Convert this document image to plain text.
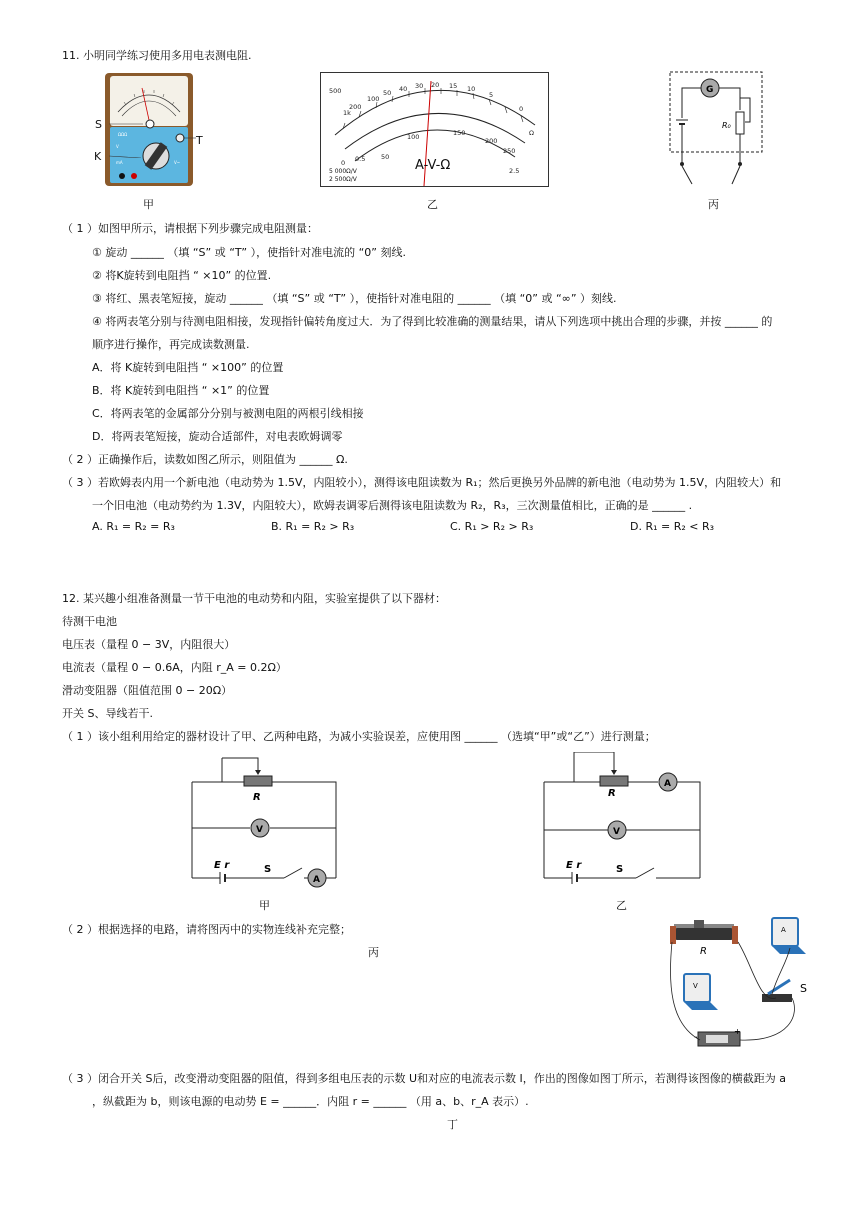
11. 小明同学练习使用多用电表测电阻.
ΩΩΩ
V
mA	V~
S
T
K
甲
500
1k
200
100
50 40 30 20 15 10
5
0
Ω
50
100	150
200
250
0 0.5
2.5
A-V-Ω
5 000Ω/V
2 500Ω/V
乙
G
R₀
丙
（ 1 ）如图甲所示，请根据下列步骤完成电阻测量：
① 旋动 ______ （填 “S” 或 “T” ），使指针对准电流的 “0” 刻线.
② 将K旋转到电阻挡 “ ×10” 的位置.
③ 将红、黑表笔短接，旋动 ______ （填 “S” 或 “T” ），使指针对准电阻的 ______ （填 “0” 或 “∞” ）刻线.
④ 将两表笔分别与待测电阻相接，发现指针偏转角度过大．为了得到比较准确的测量结果，请从下列选项中挑出合理的步骤，并按 ______ 的
顺序进行操作，再完成读数测量.
A．将 K旋转到电阻挡 “ ×100” 的位置
B．将 K旋转到电阻挡 “ ×1” 的位置
C．将两表笔的金属部分分别与被测电阻的两根引线相接
D．将两表笔短接，旋动合适部件，对电表欧姆调零
（ 2 ）正确操作后，读数如图乙所示，则阻值为 ______ Ω.
（ 3 ）若欧姆表内用一个新电池（电动势为 1.5V，内阻较小），测得该电阻读数为 R₁；然后更换另外品牌的新电池（电动势为 1.5V，内阻较大）和
一个旧电池（电动势约为 1.3V，内阻较大），欧姆表调零后测得该电阻读数为 R₂，R₃，三次测量值相比，正确的是 ______ .
A. R₁ = R₂ = R₃	B. R₁ = R₂ > R₃	C. R₁ > R₂ > R₃	D. R₁ = R₂ < R₃
12. 某兴趣小组准备测量一节干电池的电动势和内阻，实验室提供了以下器材：
待测干电池
电压表（量程 0 − 3V，内阻很大）
电流表（量程 0 − 0.6A，内阻 r_A = 0.2Ω）
滑动变阻器（阻值范围 0 − 20Ω）
开关 S、导线若干.
（ 1 ）该小组利用给定的器材设计了甲、乙两种电路，为减小实验误差，应使用图 ______ （选填“甲”或“乙”）进行测量；
R
V
A
E r	S
甲
A
R
V
E r	S
乙
（ 2 ）根据选择的电路，请将图丙中的实物连线补充完整；
丙	R
A
V	S
-
+
（ 3 ）闭合开关 S后，改变滑动变阻器的阻值，得到多组电压表的示数 U和对应的电流表示数 I，作出的图像如图丁所示，若测得该图像的横截距为 a
，纵截距为 b，则该电源的电动势 E = ______．内阻 r = ______ （用 a、b、r_A 表示）.
丁
